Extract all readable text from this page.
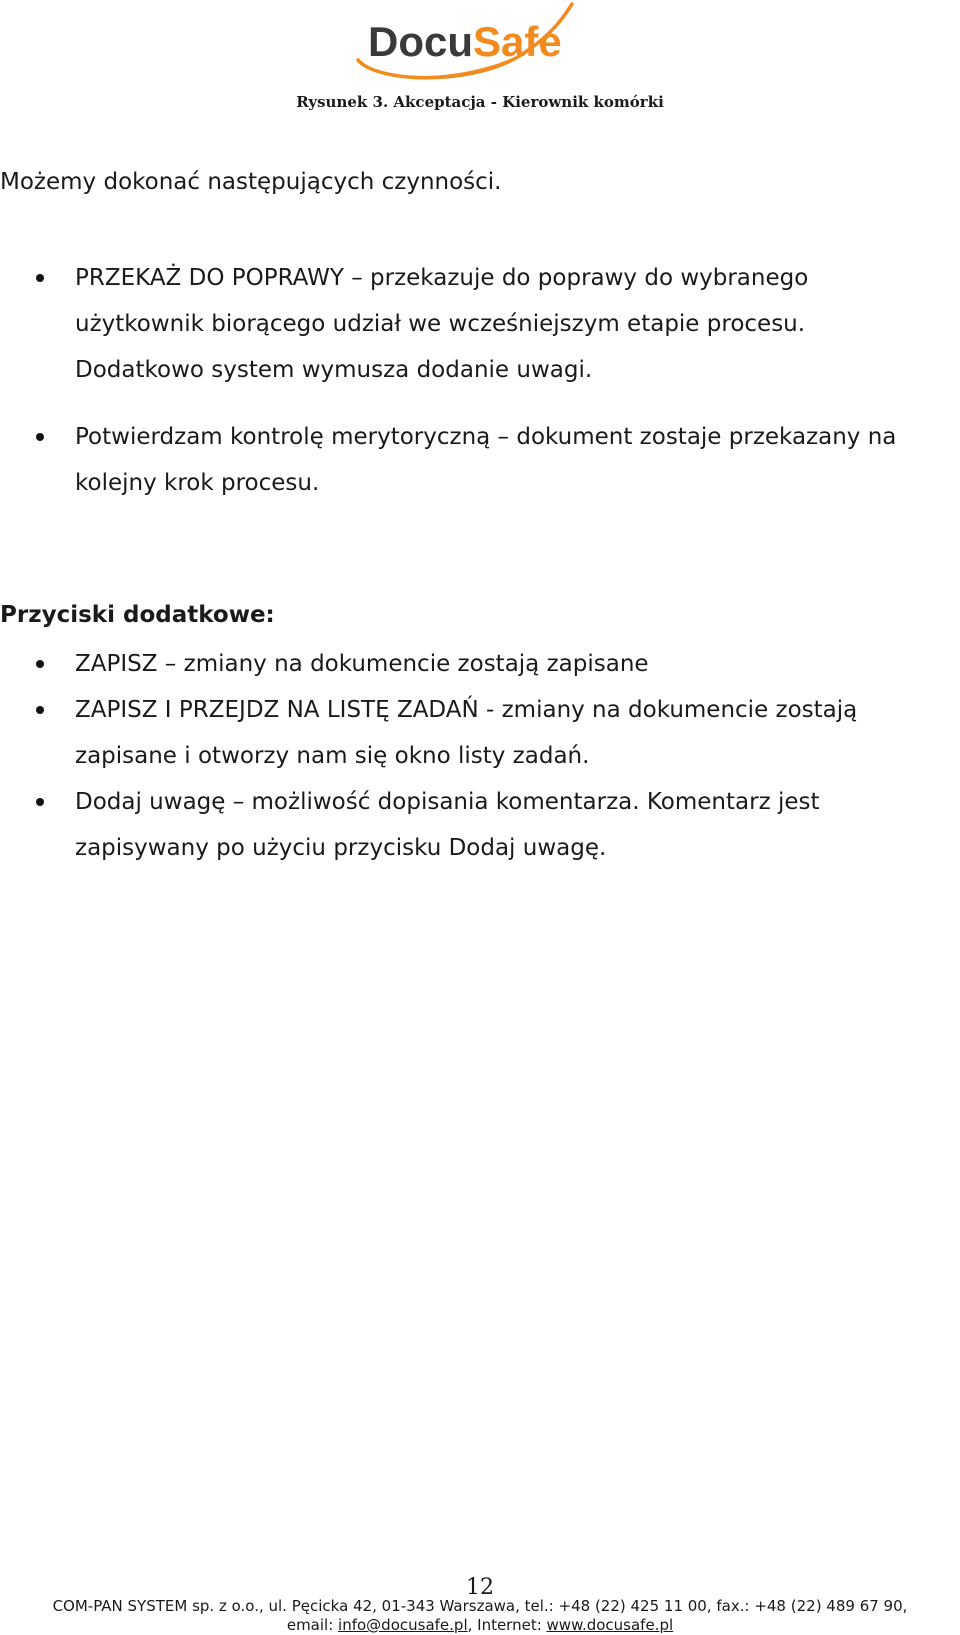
DocuSafe
Rysunek 3. Akceptacja - Kierownik komórki

Możemy dokonać następujących czynności.

PRZEKAŻ DO POPRAWY – przekazuje do poprawy do wybranego użytkownik biorącego udział we wcześniejszym etapie procesu. Dodatkowo system wymusza dodanie uwagi.
Potwierdzam kontrolę merytoryczną – dokument zostaje przekazany na kolejny krok procesu.

Przyciski dodatkowe:

ZAPISZ – zmiany na dokumencie zostają zapisane
ZAPISZ I PRZEJDZ NA LISTĘ ZADAŃ - zmiany na dokumencie zostają zapisane i otworzy nam się okno listy zadań.
Dodaj uwagę – możliwość dopisania komentarza. Komentarz jest zapisywany po użyciu przycisku Dodaj uwagę.
12
COM-PAN SYSTEM sp. z o.o., ul. Pęcicka 42, 01-343 Warszawa, tel.: +48 (22) 425 11 00, fax.: +48 (22) 489 67 90,
email: info@docusafe.pl, Internet: www.docusafe.pl
